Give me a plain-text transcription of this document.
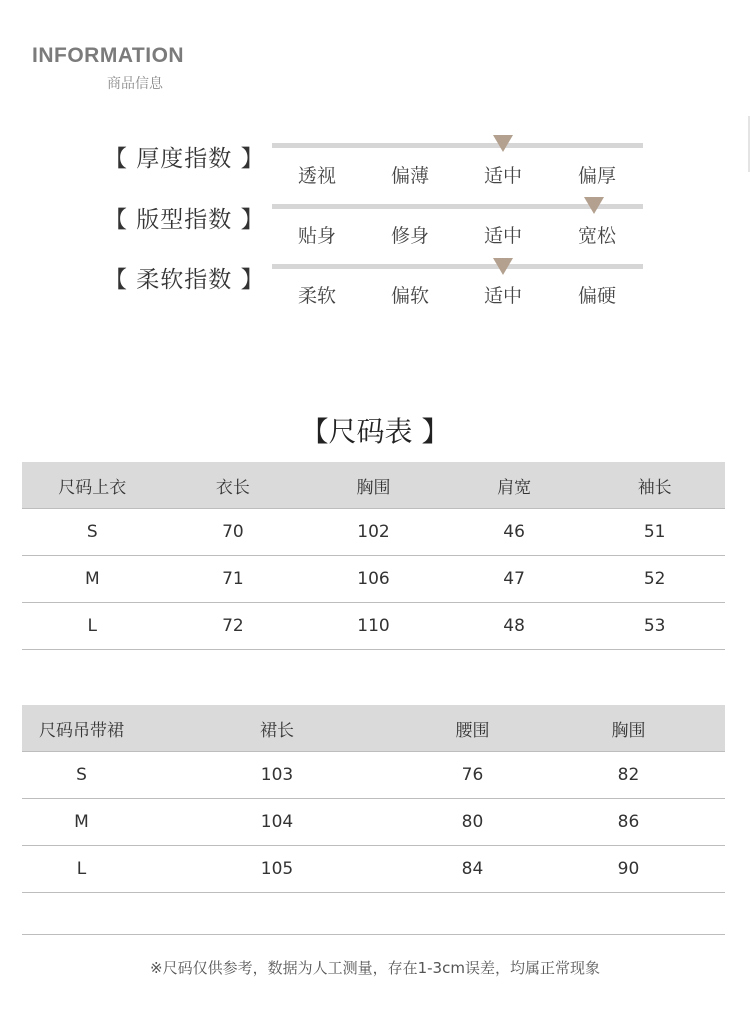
INFORMATION
商品信息
【 厚度指数 】
透视	偏薄	适中	偏厚
【 版型指数 】
贴身	修身	适中	宽松
【 柔软指数 】
柔软	偏软	适中	偏硬
【尺码表 】
尺码上衣	衣长	胸围	肩宽	袖长
S	70	102	46	51
M	71	106	47	52
L	72	110	48	53
尺码吊带裙	裙长	腰围	胸围
S	103	76	82
M	104	80	86
L	105	84	90
※尺码仅供参考，数据为人工测量，存在1-3cm误差，均属正常现象
